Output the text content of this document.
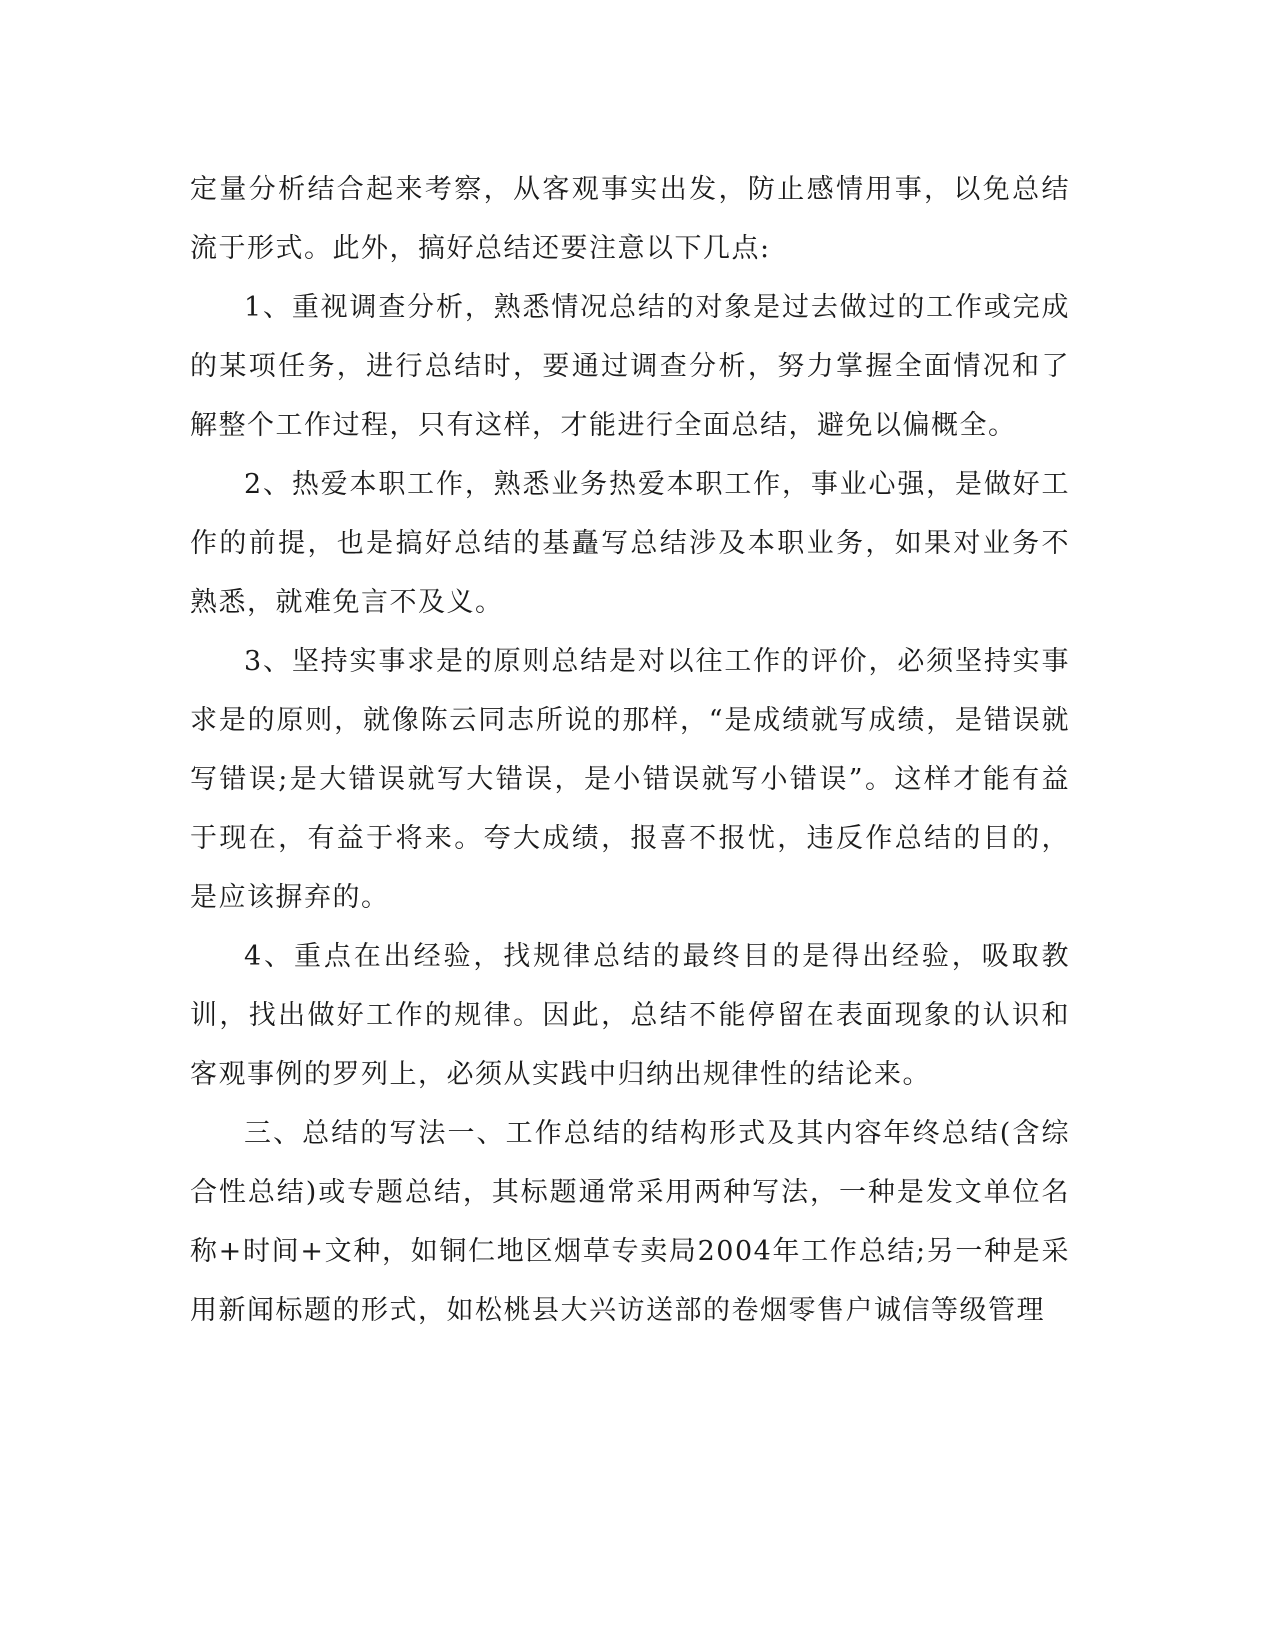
定量分析结合起来考察，从客观事实出发，防止感情用事，以免总结流于形式。此外，搞好总结还要注意以下几点:

1、重视调查分析，熟悉情况总结的对象是过去做过的工作或完成的某项任务，进行总结时，要通过调查分析，努力掌握全面情况和了解整个工作过程，只有这样，才能进行全面总结，避免以偏概全。

2、热爱本职工作，熟悉业务热爱本职工作，事业心强，是做好工作的前提，也是搞好总结的基矗写总结涉及本职业务，如果对业务不熟悉，就难免言不及义。

3、坚持实事求是的原则总结是对以往工作的评价，必须坚持实事求是的原则，就像陈云同志所说的那样，“是成绩就写成绩，是错误就写错误;是大错误就写大错误，是小错误就写小错误”。这样才能有益于现在，有益于将来。夸大成绩，报喜不报忧，违反作总结的目的，是应该摒弃的。

4、重点在出经验，找规律总结的最终目的是得出经验，吸取教训，找出做好工作的规律。因此，总结不能停留在表面现象的认识和客观事例的罗列上，必须从实践中归纳出规律性的结论来。

三、总结的写法一、工作总结的结构形式及其内容年终总结(含综合性总结)或专题总结，其标题通常采用两种写法，一种是发文单位名称+时间+文种，如铜仁地区烟草专卖局2004年工作总结;另一种是采用新闻标题的形式，如松桃县大兴访送部的卷烟零售户诚信等级管理
